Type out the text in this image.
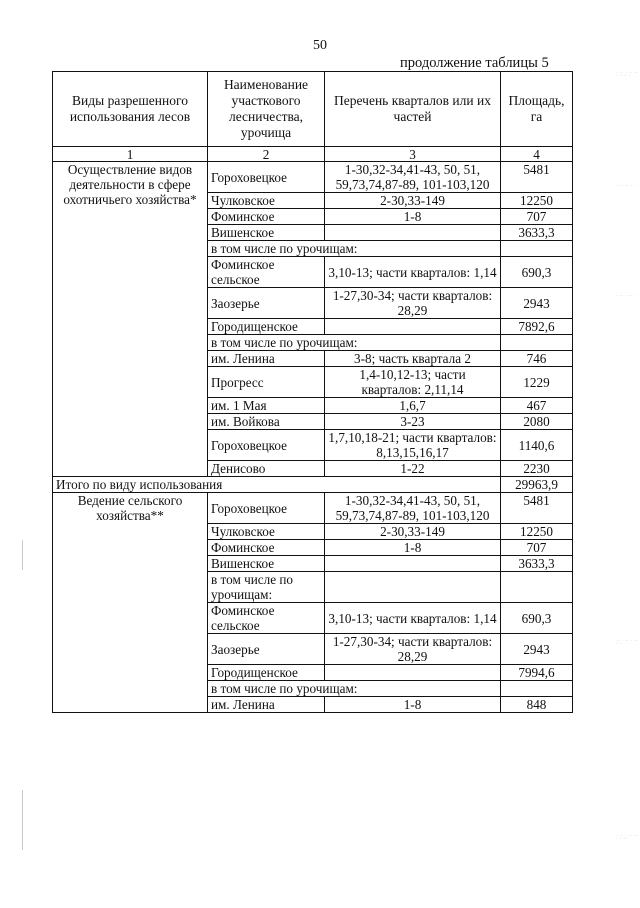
50
продолжение таблицы 5
· ·· · ·· ·· · · ·· ·
·· · ·· · ·
· ·· · ·· ·
·· · ·· · ·· · ·
· ·· · ·· ·· · · ··
Виды разрешенного использования лесов	Наименование участкового лесничества, урочища	Перечень кварталов или их частей	Площадь, га
1	2	3	4
Осуществление видов деятельности в сфере охотничьего хозяйства*	Гороховецкое	1-30,32-34,41-43, 50, 51, 59,73,74,87-89, 101-103,120	5481
	Чулковское	2-30,33-149	12250
	Фоминское	1-8	707
	Вишенское		3633,3
	в том числе по урочищам:		
	Фоминское сельское	3,10-13; части кварталов: 1,14	690,3
	Заозерье	1-27,30-34; части кварталов: 28,29	2943
	Городищенское		7892,6
	в том числе по урочищам:		
	им. Ленина	3-8; часть квартала 2	746
	Прогресс	1,4-10,12-13; части кварталов: 2,11,14	1229
	им. 1 Мая	1,6,7	467
	им. Войкова	3-23	2080
	Гороховецкое	1,7,10,18-21; части кварталов: 8,13,15,16,17	1140,6
	Денисово	1-22	2230
Итого по виду использования			29963,9
Ведение сельского хозяйства**	Гороховецкое	1-30,32-34,41-43, 50, 51, 59,73,74,87-89, 101-103,120	5481
	Чулковское	2-30,33-149	12250
	Фоминское	1-8	707
	Вишенское		3633,3
	в том числе по урочищам:		
	Фоминское сельское	3,10-13; части кварталов: 1,14	690,3
	Заозерье	1-27,30-34; части кварталов: 28,29	2943
	Городищенское		7994,6
	в том числе по урочищам:		
	им. Ленина	1-8	848
